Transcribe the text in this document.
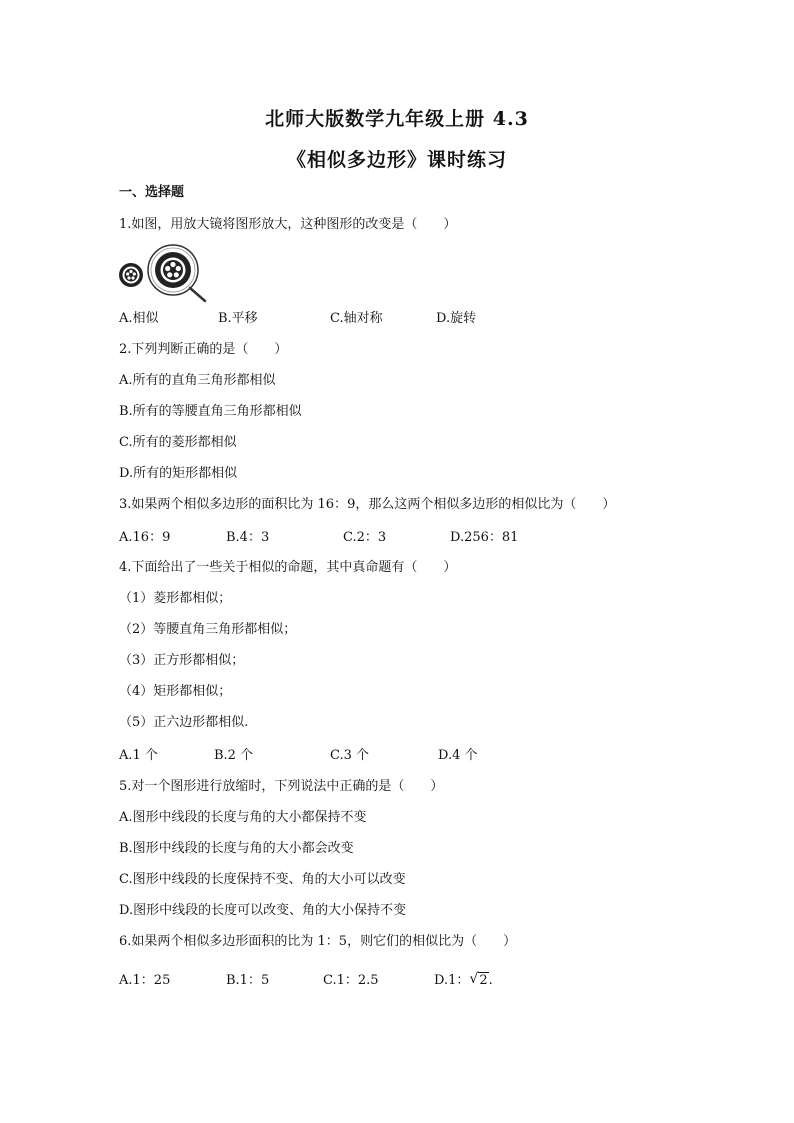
北师大版数学九年级上册 4.3
《相似多边形》课时练习
一、选择题
1.如图，用放大镜将图形放大，这种图形的改变是（　　）
A.相似	B.平移	C.轴对称	D.旋转
2.下列判断正确的是（　　）
A.所有的直角三角形都相似
B.所有的等腰直角三角形都相似
C.所有的菱形都相似
D.所有的矩形都相似
3.如果两个相似多边形的面积比为 16：9，那么这两个相似多边形的相似比为（　　）
A.16：9	B.4：3	C.2：3	D.256：81
4.下面给出了一些关于相似的命题，其中真命题有（　　）
（1）菱形都相似；
（2）等腰直角三角形都相似；
（3）正方形都相似；
（4）矩形都相似；
（5）正六边形都相似.
A.1 个	B.2 个	C.3 个	D.4 个
5.对一个图形进行放缩时，下列说法中正确的是（　　）
A.图形中线段的长度与角的大小都保持不变
B.图形中线段的长度与角的大小都会改变
C.图形中线段的长度保持不变、角的大小可以改变
D.图形中线段的长度可以改变、角的大小保持不变
6.如果两个相似多边形面积的比为 1：5，则它们的相似比为（　　）
A.1：25	B.1：5	C.1：2.5	D.1： √ 2.
